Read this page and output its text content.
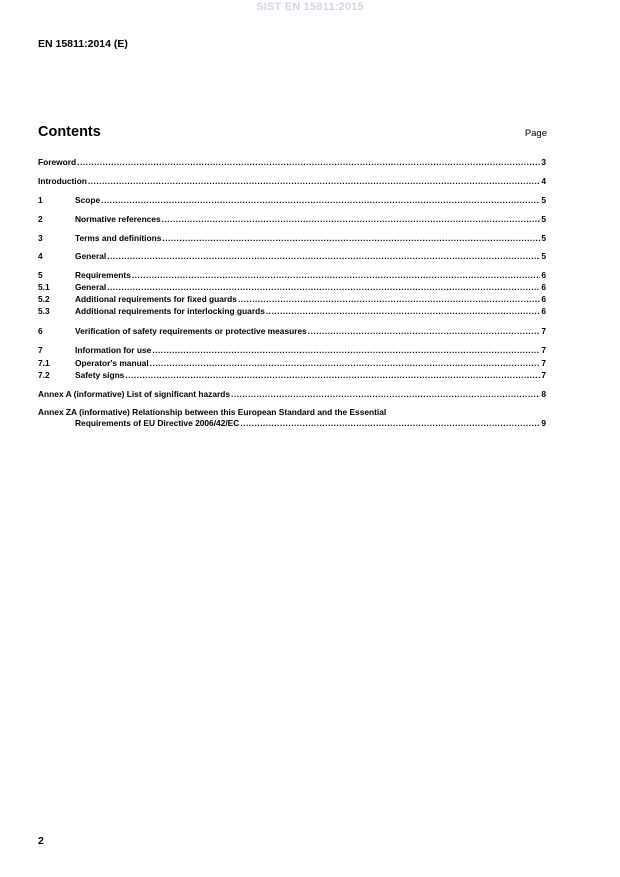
SIST EN 15811:2015
EN 15811:2014 (E)
Contents	Page
Foreword .....	3
Introduction .....	4
1	Scope .....	5
2	Normative references .....	5
3	Terms and definitions .....	5
4	General .....	5
5	Requirements .....	6
5.1	General .....	6
5.2	Additional requirements for fixed guards .....	6
5.3	Additional requirements for interlocking guards .....	6
6	Verification of safety requirements or protective measures .....	7
7	Information for use .....	7
7.1	Operator's manual .....	7
7.2	Safety signs .....	7
Annex A (informative) List of significant hazards .....	8
Annex ZA (informative) Relationship between this European Standard and the Essential
Requirements of EU Directive 2006/42/EC .....	9
2
